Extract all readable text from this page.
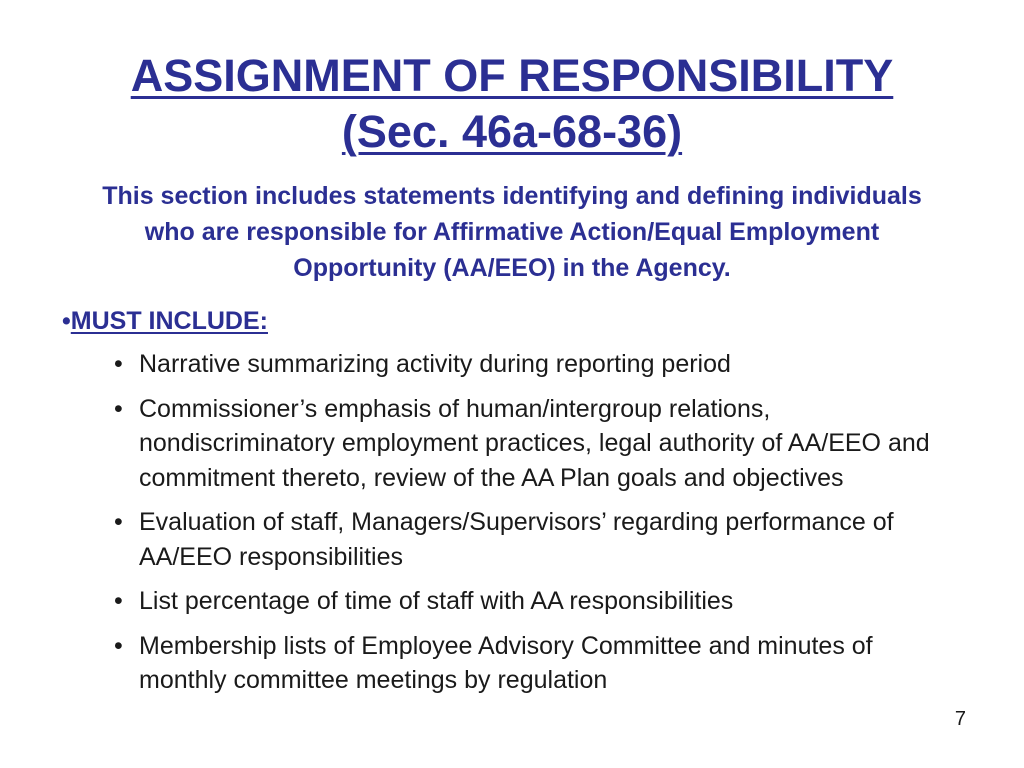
ASSIGNMENT OF RESPONSIBILITY
(Sec. 46a-68-36)
This section includes statements identifying and defining individuals who are responsible for Affirmative Action/Equal Employment Opportunity (AA/EEO) in the Agency.
•MUST INCLUDE:
• Narrative summarizing activity during reporting period
• Commissioner’s emphasis of human/intergroup relations, nondiscriminatory employment practices, legal authority of AA/EEO and commitment thereto, review of the AA Plan goals and objectives
• Evaluation of staff, Managers/Supervisors’ regarding performance of AA/EEO responsibilities
• List percentage of time of staff with AA responsibilities
• Membership lists of Employee Advisory Committee and minutes of monthly committee meetings by regulation
7
